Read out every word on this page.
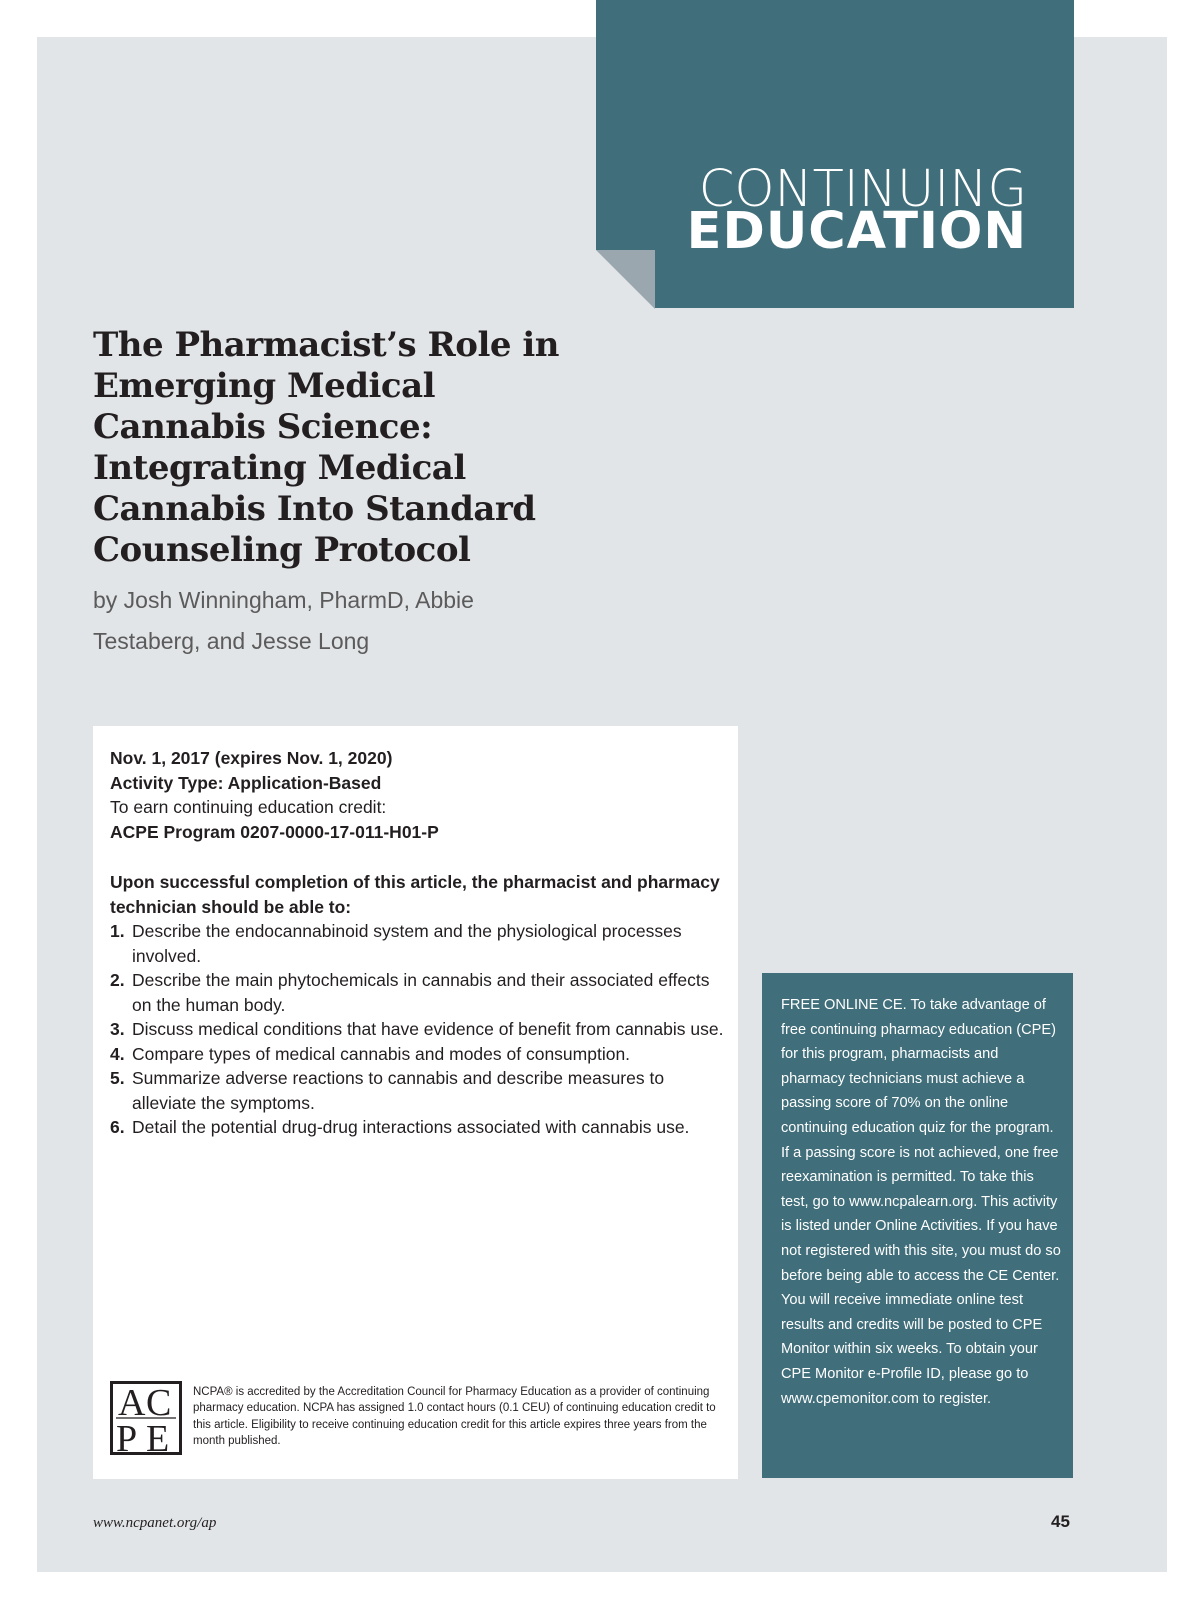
CONTINUING
EDUCATION
The Pharmacist’s Role in Emerging Medical Cannabis Science: Integrating Medical Cannabis Into Standard Counseling Protocol
by Josh Winningham, PharmD, Abbie Testaberg, and Jesse Long
Nov. 1, 2017 (expires Nov. 1, 2020)
Activity Type: Application-Based
To earn continuing education credit:
ACPE Program 0207-0000-17-011-H01-P
Upon successful completion of this article, the pharmacist and pharmacy technician should be able to:
1. Describe the endocannabinoid system and the physiological processes involved.
2. Describe the main phytochemicals in cannabis and their associated effects on the human body.
3. Discuss medical conditions that have evidence of benefit from cannabis use.
4. Compare types of medical cannabis and modes of consumption.
5. Summarize adverse reactions to cannabis and describe measures to alleviate the symptoms.
6. Detail the potential drug-drug interactions associated with cannabis use.
A C
P E
NCPA® is accredited by the Accreditation Council for Pharmacy Education as a provider of continuing pharmacy education. NCPA has assigned 1.0 contact hours (0.1 CEU) of continuing education credit to this article. Eligibility to receive continuing education credit for this article expires three years from the month published.

FREE ONLINE CE. To take advantage of free continuing pharmacy education (CPE) for this program, pharmacists and pharmacy technicians must achieve a passing score of 70% on the online continuing education quiz for the program. If a passing score is not achieved, one free reexamination is permitted. To take this test, go to www.ncpalearn.org. This activity is listed under Online Activities. If you have not registered with this site, you must do so before being able to access the CE Center. You will receive immediate online test results and credits will be posted to CPE Monitor within six weeks. To obtain your CPE Monitor e-Profile ID, please go to www.cpemonitor.com to register.

www.ncpanet.org/ap	45
